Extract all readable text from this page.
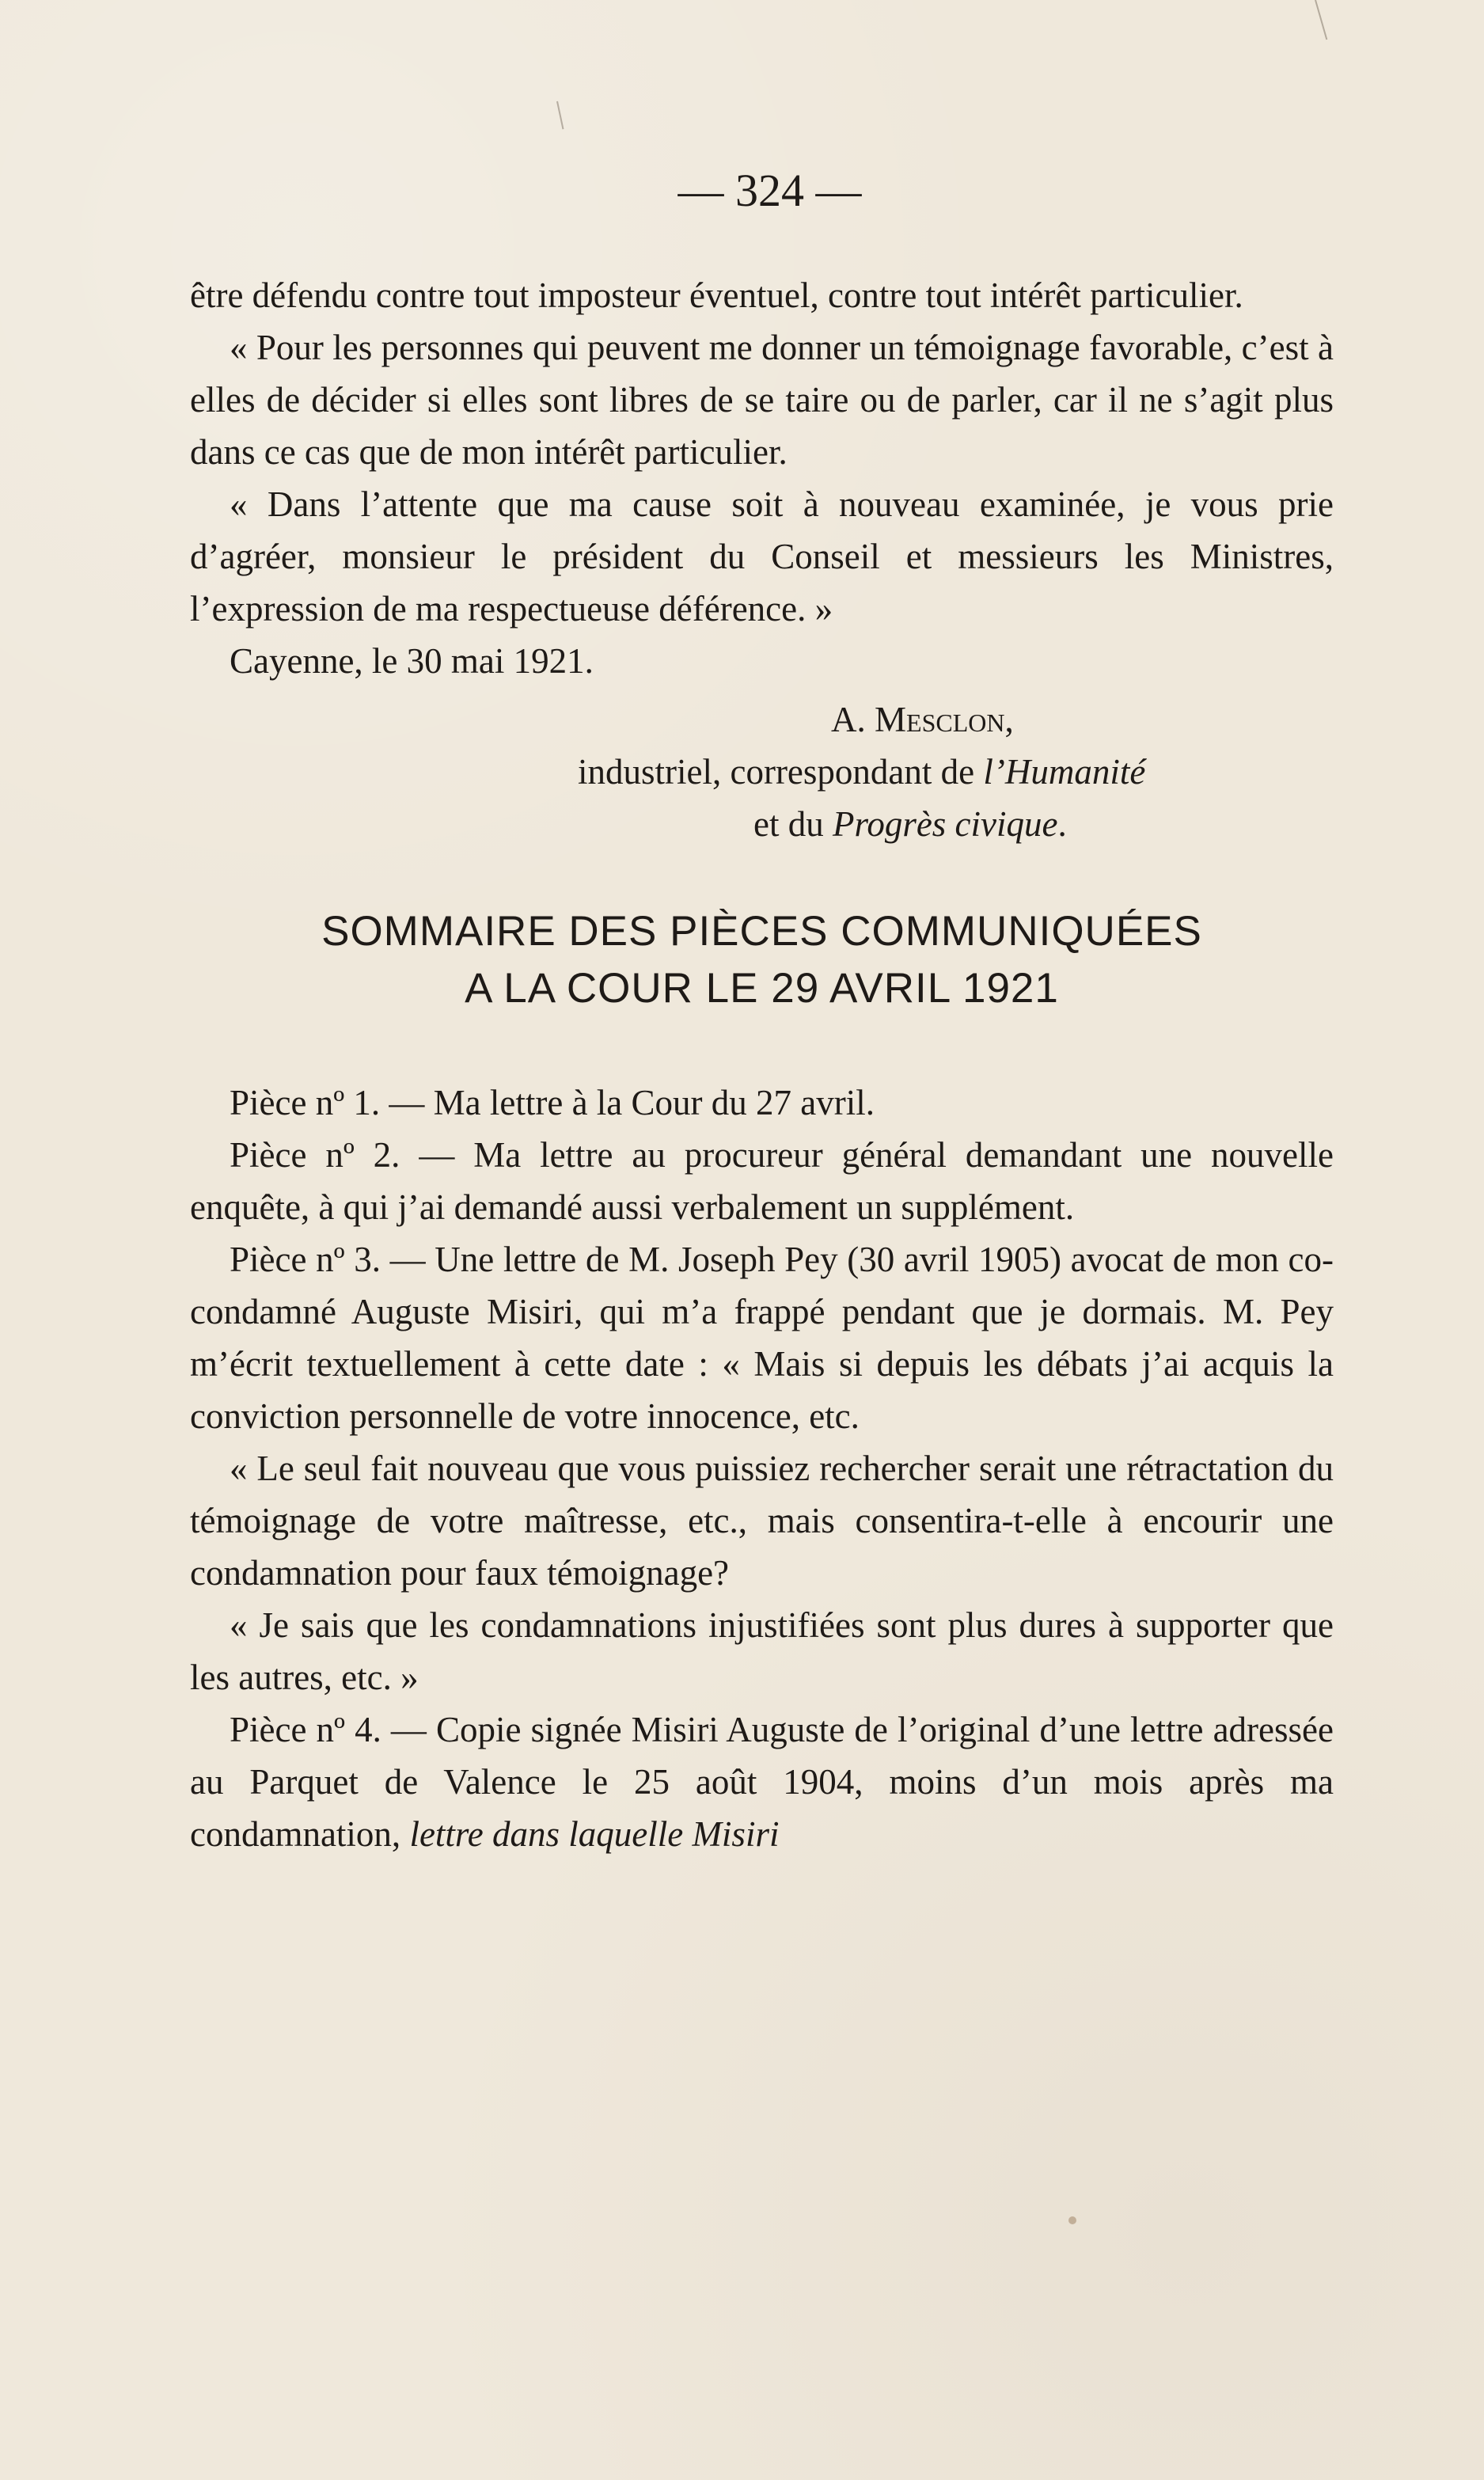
— 324 —

être défendu contre tout imposteur éventuel, contre tout intérêt particulier.

« Pour les personnes qui peuvent me donner un témoignage favorable, c’est à elles de décider si elles sont libres de se taire ou de parler, car il ne s’agit plus dans ce cas que de mon intérêt particulier.

« Dans l’attente que ma cause soit à nouveau examinée, je vous prie d’agréer, monsieur le président du Conseil et messieurs les Ministres, l’expression de ma respectueuse déférence. »

Cayenne, le 30 mai 1921.

A. Mesclon,
industriel, correspondant de l’Humanité
et du Progrès civique.
SOMMAIRE DES PIÈCES COMMUNIQUÉES
A LA COUR LE 29 AVRIL 1921

Pièce nº 1. — Ma lettre à la Cour du 27 avril.

Pièce nº 2. — Ma lettre au procureur général demandant une nouvelle enquête, à qui j’ai demandé aussi verbalement un supplément.

Pièce nº 3. — Une lettre de M. Joseph Pey (30 avril 1905) avocat de mon co-condamné Auguste Misiri, qui m’a frappé pendant que je dormais. M. Pey m’écrit textuellement à cette date : « Mais si depuis les débats j’ai acquis la conviction personnelle de votre innocence, etc.

« Le seul fait nouveau que vous puissiez rechercher serait une rétractation du témoignage de votre maîtresse, etc., mais consentira-t-elle à encourir une condamnation pour faux témoignage?

« Je sais que les condamnations injustifiées sont plus dures à supporter que les autres, etc. »

Pièce nº 4. — Copie signée Misiri Auguste de l’original d’une lettre adressée au Parquet de Valence le 25 août 1904, moins d’un mois après ma condamnation, lettre dans laquelle Misiri
